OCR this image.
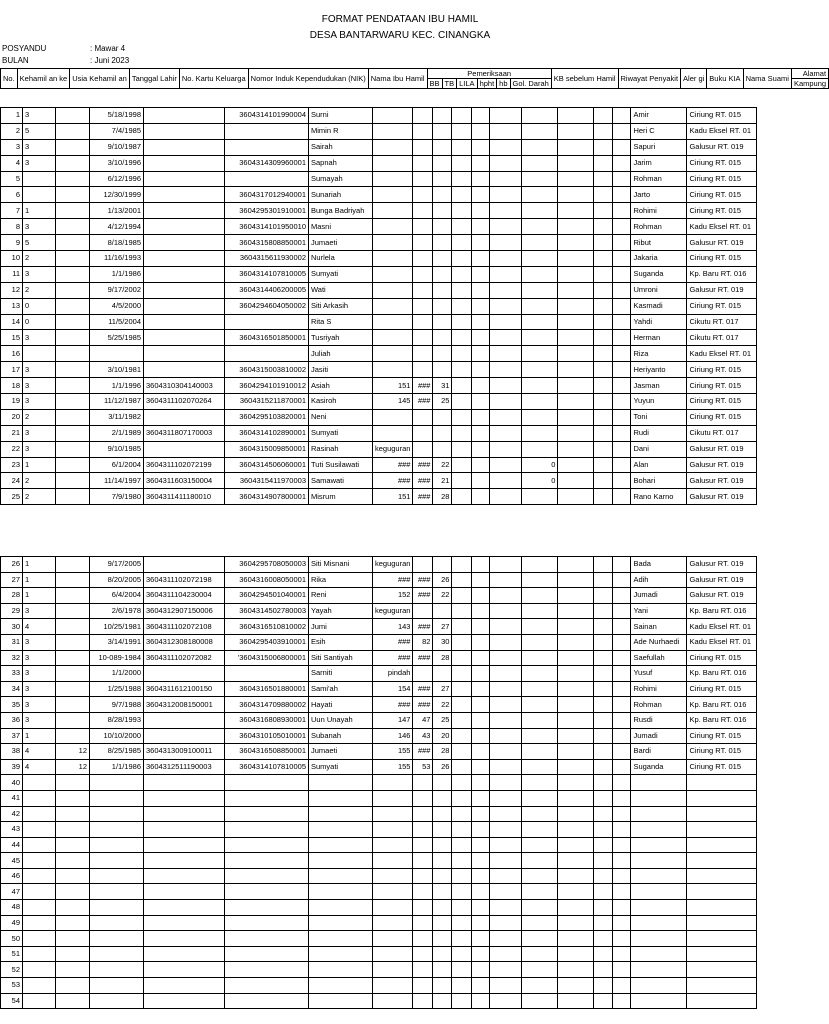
FORMAT PENDATAAN IBU HAMIL
DESA BANTARWARU KEC. CINANGKA
POSYANDU	: Mawar 4
BULAN	: Juni 2023
No.	Kehamil an ke	Usia Kehamil an	Tanggal Lahir	No. Kartu Keluarga	Nomor Induk Kependudukan (NIK)	Nama Ibu Hamil	Pemeriksaan						KB sebelum Hamil	Riwayat Penyakit	Aler gi	Buku KIA	Nama Suami	Alamat
							BB	TB	LILA	hpht	hb	Gol. Darah						Kampung
1	3		5/18/1998		3604314101990004	Surni											Amir	Ciriung RT. 015
2	5		7/4/1985			Mimin R											Heri C	Kadu Eksel RT. 01
3	3		9/10/1987			Sairah											Sapuri	Galusur RT. 019
4	3		3/10/1996		3604314309960001	Sapnah											Jarim	Ciriung RT. 015
5			6/12/1996			Sumayah											Rohman	Ciriung RT. 015
6			12/30/1999		3604317012940001	Sunariah											Jarto	Ciriung RT. 015
7	1		1/13/2001		3604295301910001	Bunga Badriyah											Rohimi	Ciriung RT. 015
8	3		4/12/1994		3604314101950010	Masni											Rohman	Kadu Eksel RT. 01
9	5		8/18/1985		3604315808850001	Jumaeti											Ribut	Galusur RT. 019
10	2		11/16/1993		3604315611930002	Nurlela											Jakaria	Ciriung RT. 015
11	3		1/1/1986		3604314107810005	Sumyati											Suganda	Kp. Baru RT. 016
12	2		9/17/2002		3604314406200005	Wati											Umroni	Galusur RT. 019
13	0		4/5/2000		3604294604050002	Siti Arkasih											Kasmadi	Ciriung RT. 015
14	0		11/5/2004			Rita S											Yahdi	Cikutu RT. 017
15	3		5/25/1985		3604316501850001	Tusriyah											Herman	Cikutu RT. 017
16						Juliah											Riza	Kadu Eksel RT. 01
17	3		3/10/1981		3604315003810002	Jasiti											Heriyanto	Ciriung RT. 015
18	3		1/1/1996	3604310304140003	3604294101910012	Asiah	151	###	31								Jasman	Ciriung RT. 015
19	3		11/12/1987	3604311102070264	3604315211870001	Kasiroh	145	###	25								Yuyun	Ciriung RT. 015
20	2		3/11/1982		3604295103820001	Neni											Toni	Ciriung RT. 015
21	3		2/1/1989	3604311807170003	3604314102890001	Sumyati											Rudi	Cikutu RT. 017
22	3		9/10/1985		3604315009850001	Rasinah	keguguran										Dani	Galusur RT. 019
23	1		6/1/2004	3604311102072199	3604314506060001	Tuti Susilawati	###	###	22				0				Alan	Galusur RT. 019
24	2		11/14/1997	3604311603150004	3604315411970003	Samawati	###	###	21				0				Bohari	Galusur RT. 019
25	2		7/9/1980	3604311411180010	3604314907800001	Misrum	151	###	28								Rano Karno	Galusur RT. 019
26	1		9/17/2005		3604295708050003	Siti Misnani	keguguran										Bada	Galusur RT. 019
27	1		8/20/2005	3604311102072198	3604316008050001	Rika	###	###	26								Adih	Galusur RT. 019
28	1		6/4/2004	3604311104230004	3604294501040001	Reni	152	###	22								Jumadi	Galusur RT. 019
29	3		2/6/1978	3604312907150006	3604314502780003	Yayah	keguguran										Yani	Kp. Baru RT. 016
30	4		10/25/1981	3604311102072108	3604316510810002	Jumi	143	###	27								Sainan	Kadu Eksel RT. 01
31	3		3/14/1991	3604312308180008	3604295403910001	Esih	###	82	30								Ade Nurhaedi	Kadu Eksel RT. 01
32	3		10-089-1984	3604311102072082	'3604315006800001	Siti Santiyah	###	###	28								Saefullah	Ciriung RT. 015
33	3		1/1/2000			Sarniti	pindah										Yusuf	Kp. Baru RT. 016
34	3		1/25/1988	3604311612100150	3604316501880001	Sami'ah	154	###	27								Rohimi	Ciriung RT. 015
35	3		9/7/1988	3604312008150001	3604314709880002	Hayati	###	###	22								Rohman	Kp. Baru RT. 016
36	3		8/28/1993		3604316808930001	Uun Unayah	147	47	25								Rusdi	Kp. Baru RT. 016
37	1		10/10/2000		3604310105010001	Subanah	146	43	20								Jumadi	Ciriung RT. 015
38	4	12	8/25/1985	3604313009100011	3604316508850001	Jumaeti	155	###	28								Bardi	Ciriung RT. 015
39	4	12	1/1/1986	3604312511190003	3604314107810005	Sumyati	155	53	26								Suganda	Ciriung RT. 015
40																		
41																		
42																		
43																		
44																		
45																		
46																		
47																		
48																		
49																		
50																		
51																		
52																		
53																		
54																		
